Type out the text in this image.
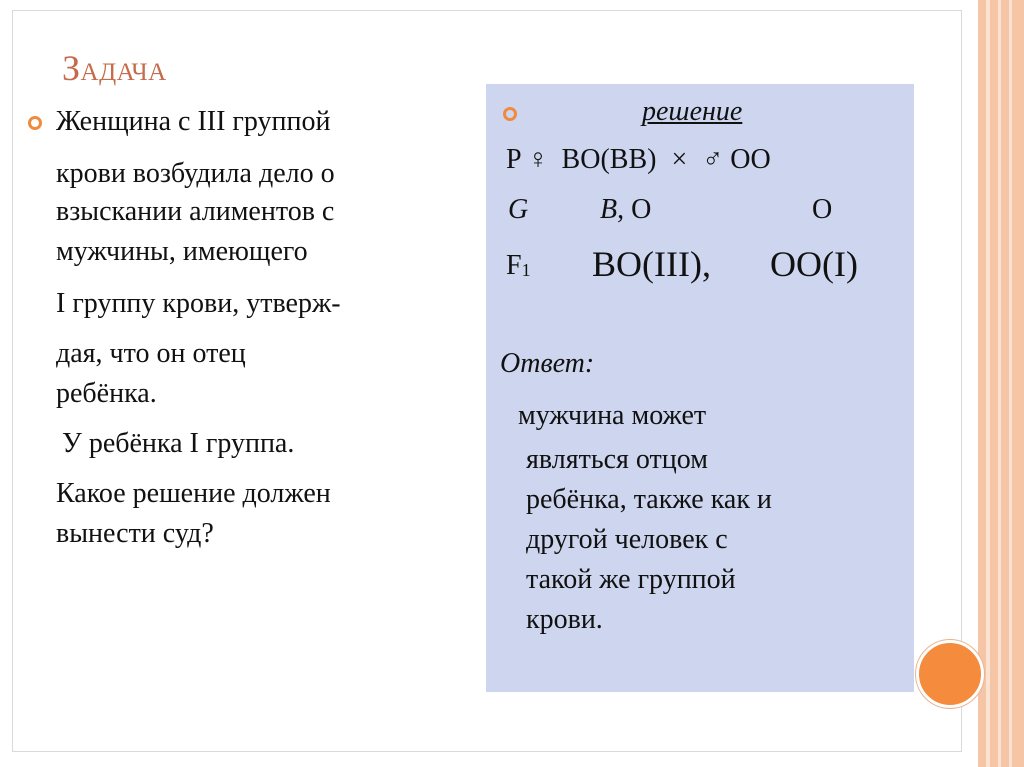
Задача
Женщина с III группой
крови возбудила дело о
взыскании алиментов с
мужчины, имеющего
I группу крови, утверж-
дая, что он отец
ребёнка.
У ребёнка I группа.
Какое решение должен
вынести суд?
решение
P ♀ ВО(ВВ) × ♂ ОО
G	В, О	О
F1 ВО(III), ОО(I)
Ответ:
мужчина может
являться отцом
ребёнка, также как и
другой человек с
такой же группой
крови.
